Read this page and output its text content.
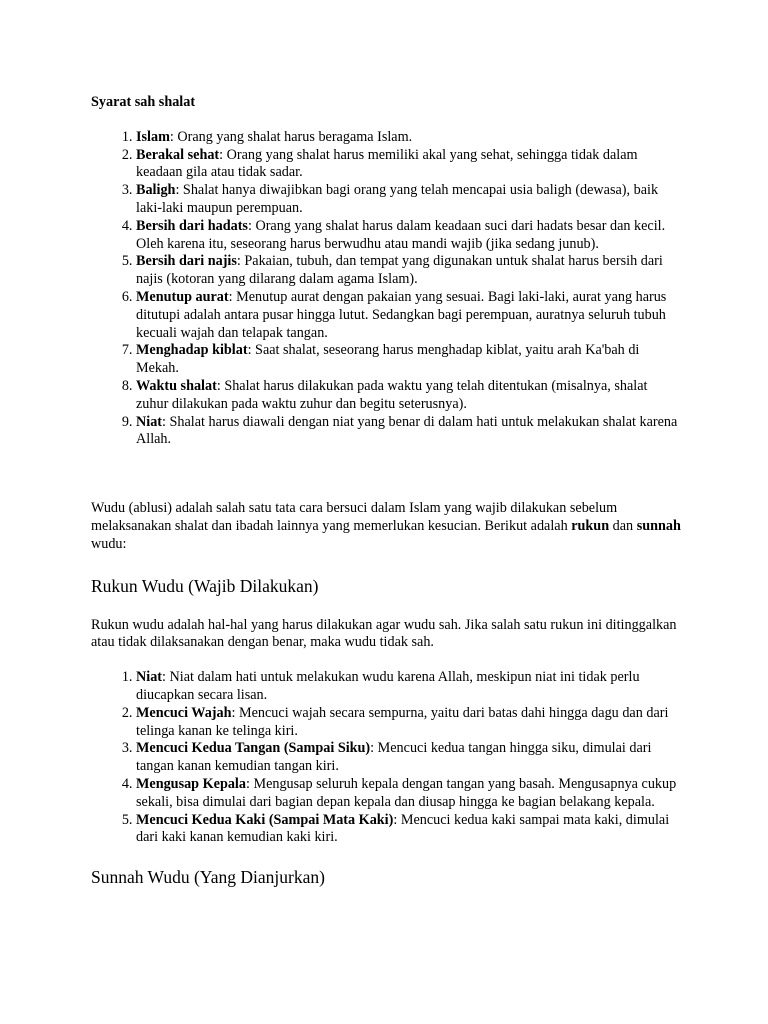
Syarat sah shalat

1. Islam: Orang yang shalat harus beragama Islam.
2. Berakal sehat: Orang yang shalat harus memiliki akal yang sehat, sehingga tidak dalam keadaan gila atau tidak sadar.
3. Baligh: Shalat hanya diwajibkan bagi orang yang telah mencapai usia baligh (dewasa), baik laki-laki maupun perempuan.
4. Bersih dari hadats: Orang yang shalat harus dalam keadaan suci dari hadats besar dan kecil. Oleh karena itu, seseorang harus berwudhu atau mandi wajib (jika sedang junub).
5. Bersih dari najis: Pakaian, tubuh, dan tempat yang digunakan untuk shalat harus bersih dari najis (kotoran yang dilarang dalam agama Islam).
6. Menutup aurat: Menutup aurat dengan pakaian yang sesuai. Bagi laki-laki, aurat yang harus ditutupi adalah antara pusar hingga lutut. Sedangkan bagi perempuan, auratnya seluruh tubuh kecuali wajah dan telapak tangan.
7. Menghadap kiblat: Saat shalat, seseorang harus menghadap kiblat, yaitu arah Ka'bah di Mekah.
8. Waktu shalat: Shalat harus dilakukan pada waktu yang telah ditentukan (misalnya, shalat zuhur dilakukan pada waktu zuhur dan begitu seterusnya).
9. Niat: Shalat harus diawali dengan niat yang benar di dalam hati untuk melakukan shalat karena Allah.

Wudu (ablusi) adalah salah satu tata cara bersuci dalam Islam yang wajib dilakukan sebelum melaksanakan shalat dan ibadah lainnya yang memerlukan kesucian. Berikut adalah rukun dan sunnah wudu:

Rukun Wudu (Wajib Dilakukan)

Rukun wudu adalah hal-hal yang harus dilakukan agar wudu sah. Jika salah satu rukun ini ditinggalkan atau tidak dilaksanakan dengan benar, maka wudu tidak sah.

1. Niat: Niat dalam hati untuk melakukan wudu karena Allah, meskipun niat ini tidak perlu diucapkan secara lisan.
2. Mencuci Wajah: Mencuci wajah secara sempurna, yaitu dari batas dahi hingga dagu dan dari telinga kanan ke telinga kiri.
3. Mencuci Kedua Tangan (Sampai Siku): Mencuci kedua tangan hingga siku, dimulai dari tangan kanan kemudian tangan kiri.
4. Mengusap Kepala: Mengusap seluruh kepala dengan tangan yang basah. Mengusapnya cukup sekali, bisa dimulai dari bagian depan kepala dan diusap hingga ke bagian belakang kepala.
5. Mencuci Kedua Kaki (Sampai Mata Kaki): Mencuci kedua kaki sampai mata kaki, dimulai dari kaki kanan kemudian kaki kiri.
Sunnah Wudu (Yang Dianjurkan)
